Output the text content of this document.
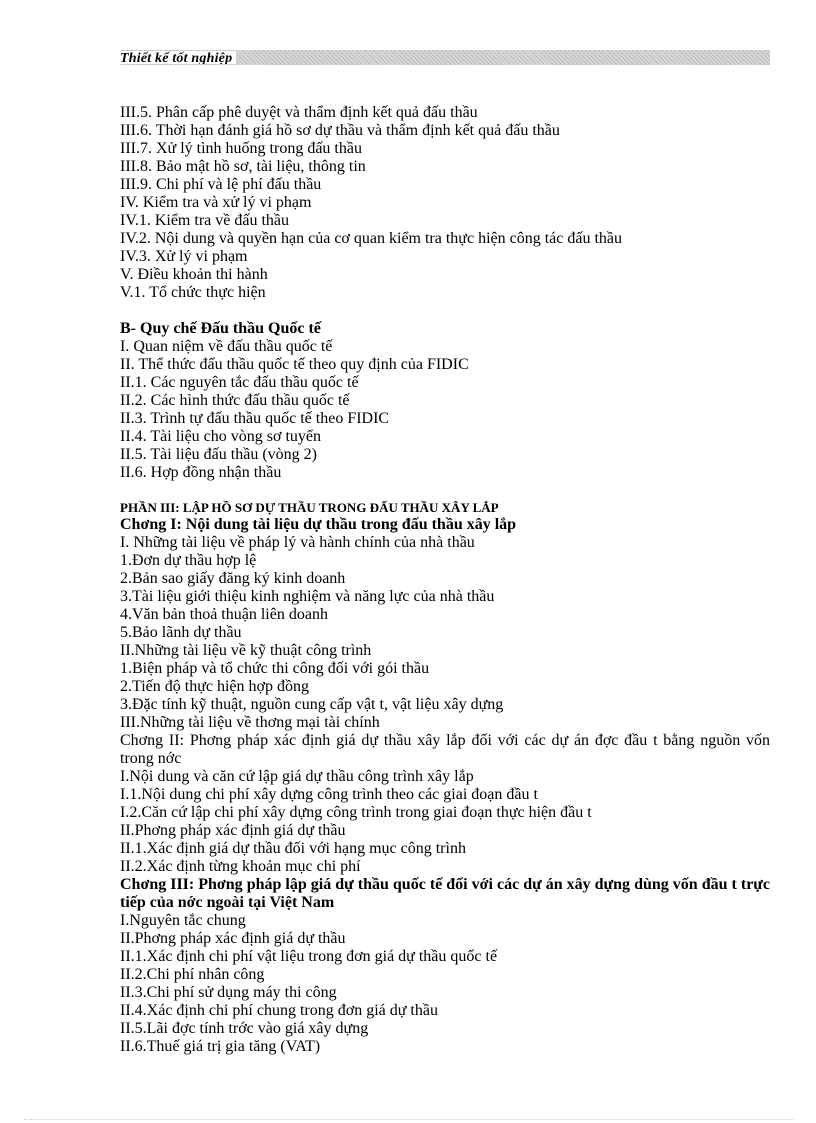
Thiết kế tốt nghiệp
III.5. Phân cấp phê duyệt và thẩm định kết quả đấu thầu
III.6. Thời hạn đánh giá hồ sơ dự thầu và thẩm định kết quả đấu thầu
III.7. Xử lý tình huống trong đấu thầu
III.8. Bảo mật hồ sơ, tài liệu, thông tin
III.9. Chi phí và lệ phí đấu thầu
IV. Kiểm tra và xử lý vi phạm
IV.1. Kiểm tra về đấu thầu
IV.2. Nội dung và quyền hạn của cơ quan kiểm tra thực hiện công tác đấu thầu
IV.3. Xử lý vi phạm
V. Điều khoản thi hành
V.1. Tổ chức thực hiện
B- Quy chế Đấu thầu Quốc tế
I. Quan niệm về đấu thầu quốc tế
II. Thể thức đấu thầu quốc tế theo quy định của FIDIC
II.1. Các nguyên tắc đấu thầu quốc tế
II.2. Các hình thức đấu thầu quốc tế
II.3. Trình tự đấu thầu quốc tế theo FIDIC
II.4. Tài liệu cho vòng sơ tuyển
II.5. Tài liệu đấu thầu (vòng 2)
II.6. Hợp đồng nhận thầu
PHẦN III: LẬP HỒ SƠ DỰ THẦU TRONG ĐẤU THẦU XÂY LẮP
Chơng I: Nội dung tài liệu dự thầu trong đấu thầu xây lắp
I. Những tài liệu về pháp lý và hành chính của nhà thầu
1.Đơn dự thầu hợp lệ
2.Bản sao giấy đăng ký kinh doanh
3.Tài liệu giới thiệu kinh nghiệm và năng lực của nhà thầu
4.Văn bản thoả thuận liên doanh
5.Bảo lãnh dự thầu
II.Những tài liệu về kỹ thuật công trình
1.Biện pháp và tổ chức thi công đối với gói thầu
2.Tiến độ thực hiện hợp đồng
3.Đặc tính kỹ thuật, nguồn cung cấp vật t, vật liệu xây dựng
III.Những tài liệu về thơng mại tài chính
Chơng II: Phơng pháp xác định giá dự thầu xây lắp đối với các dự án đợc đầu t bằng nguồn vốn trong nớc
I.Nội dung và căn cứ lập giá dự thầu công trình xây lắp
I.1.Nội dung chi phí xây dựng công trình theo các giai đoạn đầu t
I.2.Căn cứ lập chi phí xây dựng công trình trong giai đoạn thực hiện đầu t
II.Phơng pháp xác định giá dự thầu
II.1.Xác định giá dự thầu đối với hạng mục công trình
II.2.Xác định từng khoản mục chi phí
Chơng III: Phơng pháp lập giá dự thầu quốc tế đối với các dự án xây dựng dùng vốn đầu t trực tiếp của nớc ngoài tại Việt Nam
I.Nguyên tắc chung
II.Phơng pháp xác định giá dự thầu
II.1.Xác định chi phí vật liệu trong đơn giá dự thầu quốc tế
II.2.Chi phí nhân công
II.3.Chi phí sử dụng máy thi công
II.4.Xác định chi phí chung trong đơn giá dự thầu
II.5.Lãi đợc tính trớc vào giá xây dựng
II.6.Thuế giá trị gia tăng (VAT)
